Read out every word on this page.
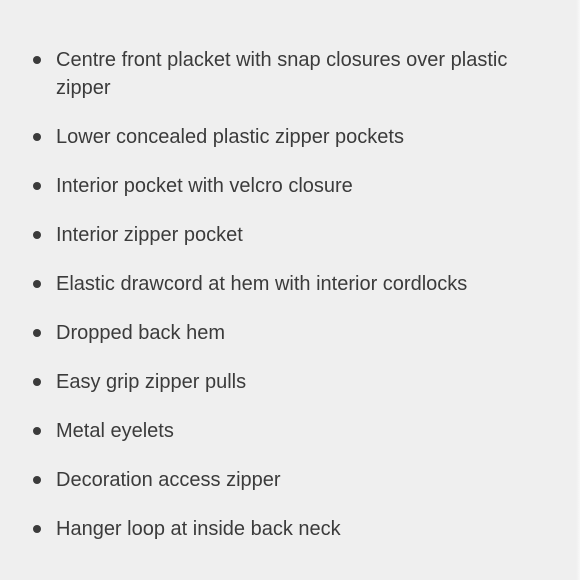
Centre front placket with snap closures over plastic zipper
Lower concealed plastic zipper pockets
Interior pocket with velcro closure
Interior zipper pocket
Elastic drawcord at hem with interior cordlocks
Dropped back hem
Easy grip zipper pulls
Metal eyelets
Decoration access zipper
Hanger loop at inside back neck
